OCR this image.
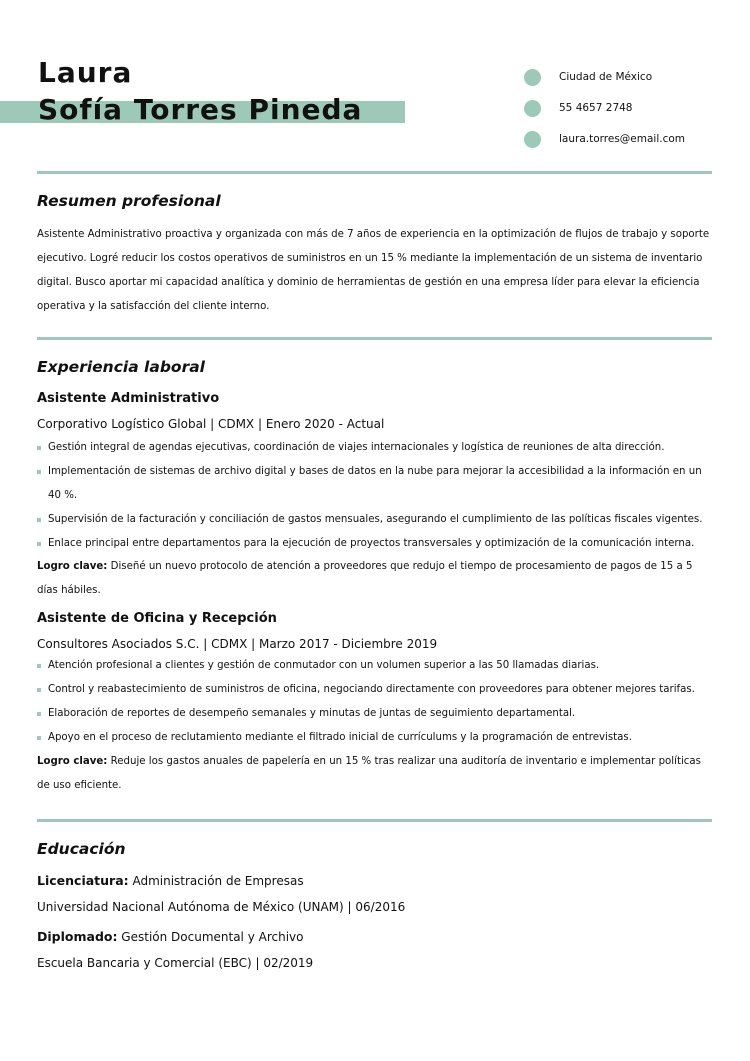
Laura
Sofía Torres Pineda
Ciudad de México
55 4657 2748
laura.torres@email.com
Resumen profesional
Asistente Administrativo proactiva y organizada con más de 7 años de experiencia en la optimización de flujos de trabajo y soporte ejecutivo. Logré reducir los costos operativos de suministros en un 15 % mediante la implementación de un sistema de inventario digital. Busco aportar mi capacidad analítica y dominio de herramientas de gestión en una empresa líder para elevar la eficiencia operativa y la satisfacción del cliente interno.
Experiencia laboral
Asistente Administrativo
Corporativo Logístico Global | CDMX | Enero 2020 - Actual
Gestión integral de agendas ejecutivas, coordinación de viajes internacionales y logística de reuniones de alta dirección.
Implementación de sistemas de archivo digital y bases de datos en la nube para mejorar la accesibilidad a la información en un 40 %.
Supervisión de la facturación y conciliación de gastos mensuales, asegurando el cumplimiento de las políticas fiscales vigentes.
Enlace principal entre departamentos para la ejecución de proyectos transversales y optimización de la comunicación interna.
Logro clave: Diseñé un nuevo protocolo de atención a proveedores que redujo el tiempo de procesamiento de pagos de 15 a 5 días hábiles.
Asistente de Oficina y Recepción
Consultores Asociados S.C. | CDMX | Marzo 2017 - Diciembre 2019
Atención profesional a clientes y gestión de conmutador con un volumen superior a las 50 llamadas diarias.
Control y reabastecimiento de suministros de oficina, negociando directamente con proveedores para obtener mejores tarifas.
Elaboración de reportes de desempeño semanales y minutas de juntas de seguimiento departamental.
Apoyo en el proceso de reclutamiento mediante el filtrado inicial de currículums y la programación de entrevistas.
Logro clave: Reduje los gastos anuales de papelería en un 15 % tras realizar una auditoría de inventario e implementar políticas de uso eficiente.
Educación
Licenciatura: Administración de Empresas
Universidad Nacional Autónoma de México (UNAM) | 06/2016
Diplomado: Gestión Documental y Archivo
Escuela Bancaria y Comercial (EBC) | 02/2019
